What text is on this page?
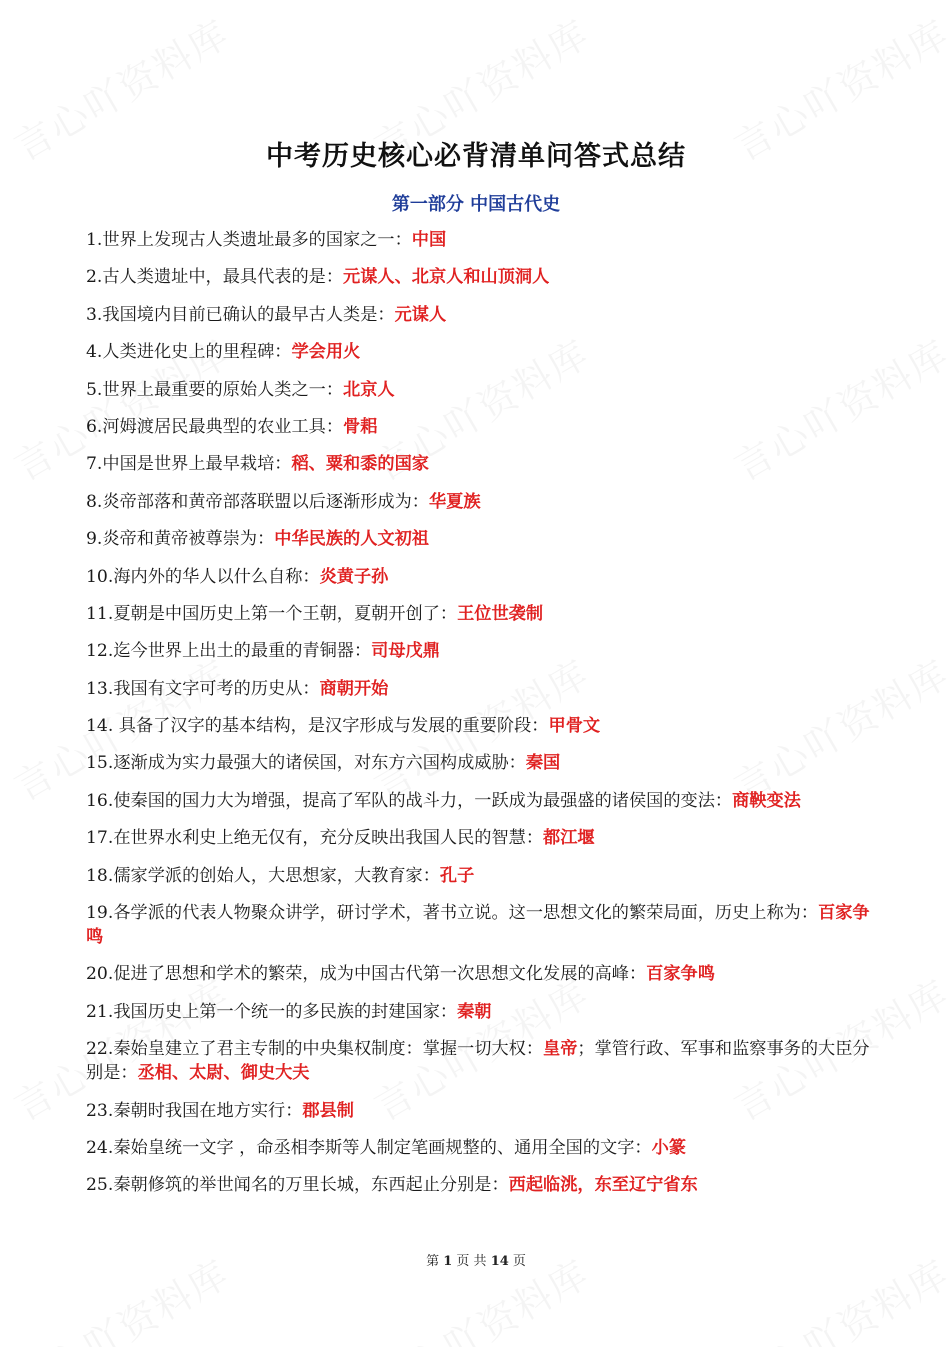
中考历史核心必背清单问答式总结
第一部分 中国古代史
1.世界上发现古人类遗址最多的国家之一：中国
2.古人类遗址中，最具代表的是：元谋人、北京人和山顶洞人
3.我国境内目前已确认的最早古人类是：元谋人
4.人类进化史上的里程碑：学会用火
5.世界上最重要的原始人类之一：北京人
6.河姆渡居民最典型的农业工具：骨耜
7.中国是世界上最早栽培：稻、粟和黍的国家
8.炎帝部落和黄帝部落联盟以后逐渐形成为：华夏族
9.炎帝和黄帝被尊崇为：中华民族的人文初祖
10.海内外的华人以什么自称：炎黄子孙
11.夏朝是中国历史上第一个王朝，夏朝开创了：王位世袭制
12.迄今世界上出土的最重的青铜器：司母戊鼎
13.我国有文字可考的历史从：商朝开始
14. 具备了汉字的基本结构，是汉字形成与发展的重要阶段：甲骨文
15.逐渐成为实力最强大的诸侯国，对东方六国构成威胁：秦国
16.使秦国的国力大为增强，提高了军队的战斗力，一跃成为最强盛的诸侯国的变法：商鞅变法
17.在世界水利史上绝无仅有，充分反映出我国人民的智慧：都江堰
18.儒家学派的创始人，大思想家，大教育家：孔子
19.各学派的代表人物聚众讲学，研讨学术，著书立说。这一思想文化的繁荣局面，历史上称为：百家争鸣
20.促进了思想和学术的繁荣，成为中国古代第一次思想文化发展的高峰：百家争鸣
21.我国历史上第一个统一的多民族的封建国家：秦朝
22.秦始皇建立了君主专制的中央集权制度：掌握一切大权：皇帝；掌管行政、军事和监察事务的大臣分别是：丞相、太尉、御史大夫
23.秦朝时我国在地方实行：郡县制
24.秦始皇统一文字 ，命丞相李斯等人制定笔画规整的、通用全国的文字：小篆
25.秦朝修筑的举世闻名的万里长城，东西起止分别是：西起临洮，东至辽宁省东
第 1 页 共 14 页
